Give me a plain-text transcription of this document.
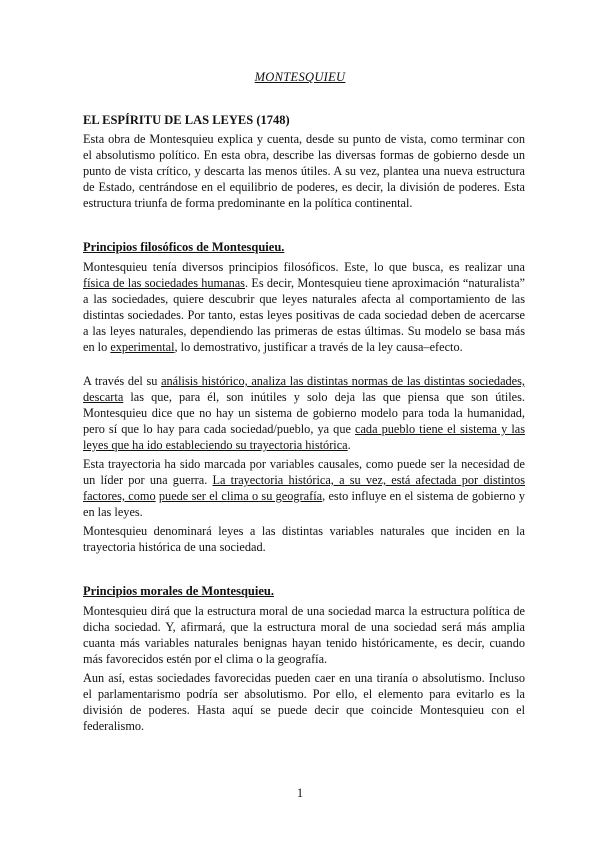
MONTESQUIEU
EL ESPÍRITU DE LAS LEYES (1748)
Esta obra de Montesquieu explica y cuenta, desde su punto de vista, como terminar con el absolutismo político. En esta obra, describe las diversas formas de gobierno desde un punto de vista crítico, y descarta las menos útiles. A su vez, plantea una nueva estructura de Estado, centrándose en el equilibrio de poderes, es decir, la división de poderes. Esta estructura triunfa de forma predominante en la política continental.
Principios filosóficos de Montesquieu.
Montesquieu tenía diversos principios filosóficos. Este, lo que busca, es realizar una física de las sociedades humanas. Es decir, Montesquieu tiene aproximación “naturalista” a las sociedades, quiere descubrir que leyes naturales afecta al comportamiento de las distintas sociedades. Por tanto, estas leyes positivas de cada sociedad deben de acercarse a las leyes naturales, dependiendo las primeras de estas últimas. Su modelo se basa más en lo experimental, lo demostrativo, justificar a través de la ley causa–efecto.
A través del su análisis histórico, analiza las distintas normas de las distintas sociedades, descarta las que, para él, son inútiles y solo deja las que piensa que son útiles. Montesquieu dice que no hay un sistema de gobierno modelo para toda la humanidad, pero sí que lo hay para cada sociedad/pueblo, ya que cada pueblo tiene el sistema y las leyes que ha ido estableciendo su trayectoria histórica.
Esta trayectoria ha sido marcada por variables causales, como puede ser la necesidad de un líder por una guerra. La trayectoria histórica, a su vez, está afectada por distintos factores, como puede ser el clima o su geografía, esto influye en el sistema de gobierno y en las leyes.
Montesquieu denominará leyes a las distintas variables naturales que inciden en la trayectoria histórica de una sociedad.
Principios morales de Montesquieu.
Montesquieu dirá que la estructura moral de una sociedad marca la estructura política de dicha sociedad. Y, afirmará, que la estructura moral de una sociedad será más amplia cuanta más variables naturales benignas hayan tenido históricamente, es decir, cuando más favorecidos estén por el clima o la geografía.
Aun así, estas sociedades favorecidas pueden caer en una tiranía o absolutismo. Incluso el parlamentarismo podría ser absolutismo. Por ello, el elemento para evitarlo es la división de poderes. Hasta aquí se puede decir que coincide Montesquieu con el federalismo.
1
